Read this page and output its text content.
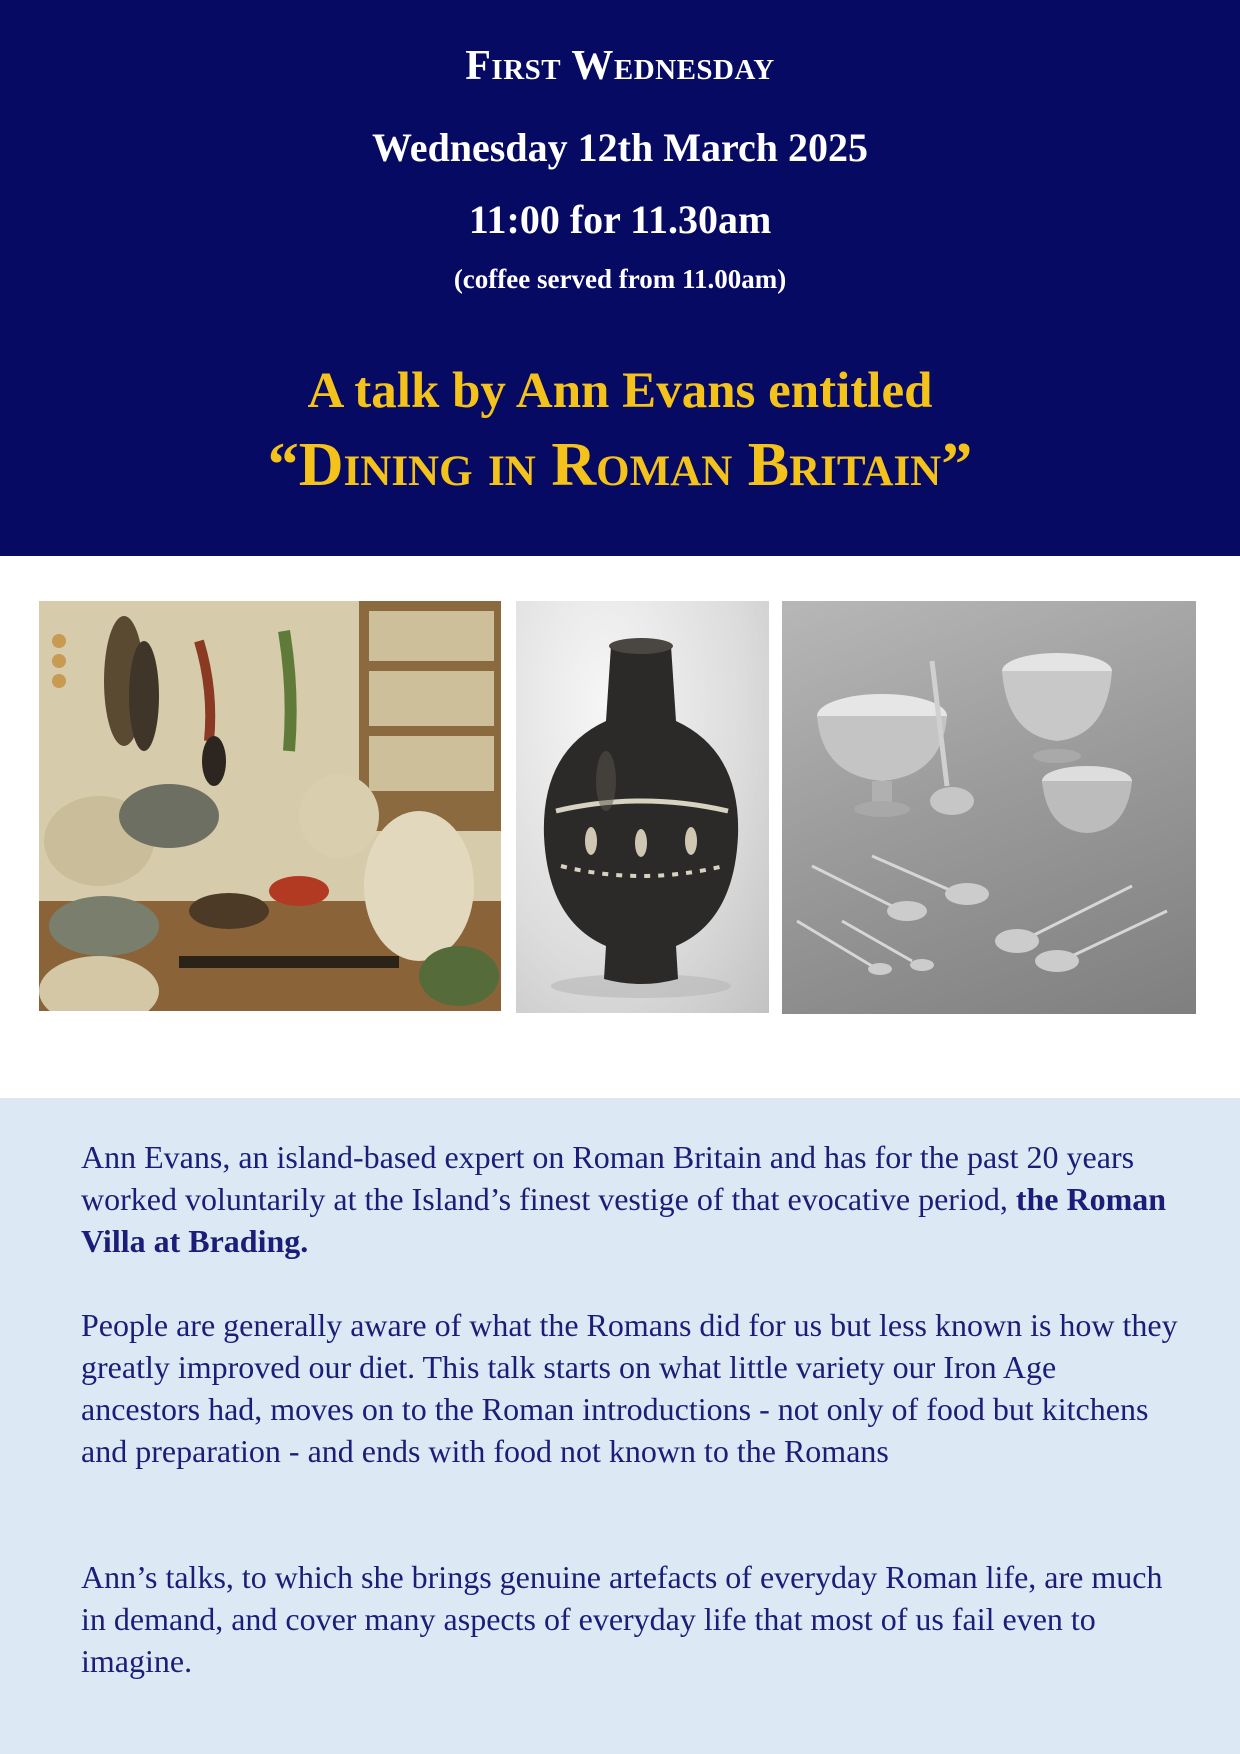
First Wednesday
Wednesday 12th March 2025
11:00 for 11.30am
(coffee served from 11.00am)
A talk by Ann Evans entitled
“Dining in Roman Britain”

Ann Evans, an island-based expert on Roman Britain and has for the past 20 years worked voluntarily at the Island’s finest vestige of that evocative period, the Roman Villa at Brading.

People are generally aware of what the Romans did for us but less known is how they greatly improved our diet. This talk starts on what little variety our Iron Age ancestors had, moves on to the Roman introductions - not only of food but kitchens and preparation - and ends with food not known to the Romans

Ann’s talks, to which she brings genuine artefacts of everyday Roman life, are much in demand, and cover many aspects of everyday life that most of us fail even to imagine.
